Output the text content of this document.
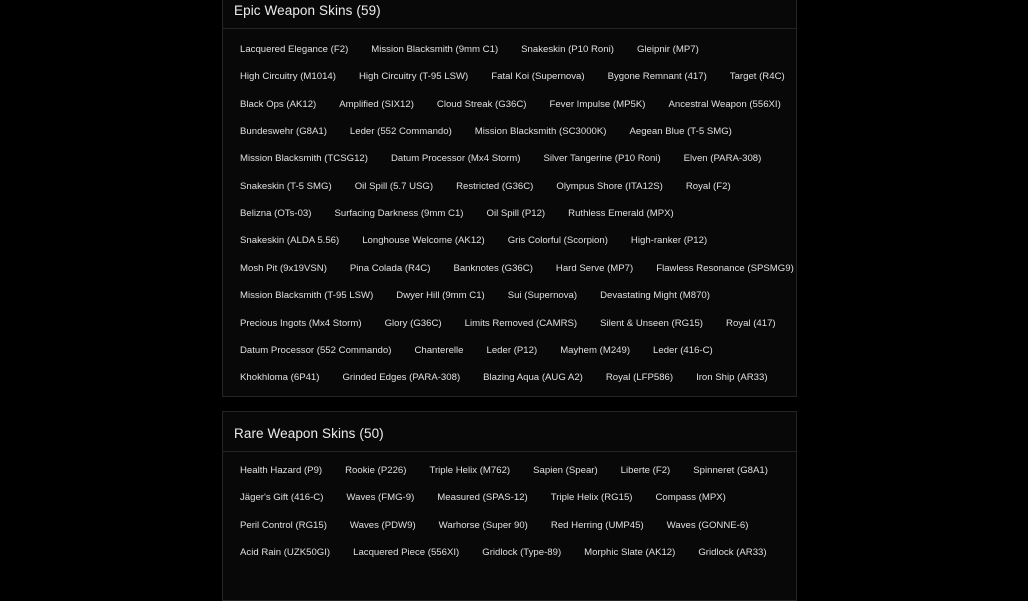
Epic Weapon Skins (59)
Lacquered Elegance (F2) Mission Blacksmith (9mm C1) Snakeskin (P10 Roni) Gleipnir (MP7)
High Circuitry (M1014) High Circuitry (T-95 LSW) Fatal Koi (Supernova) Bygone Remnant (417) Target (R4C)
Black Ops (AK12) Amplified (SIX12) Cloud Streak (G36C) Fever Impulse (MP5K) Ancestral Weapon (556XI)
Bundeswehr (G8A1) Leder (552 Commando) Mission Blacksmith (SC3000K) Aegean Blue (T-5 SMG)
Mission Blacksmith (TCSG12) Datum Processor (Mx4 Storm) Silver Tangerine (P10 Roni) Elven (PARA-308)
Snakeskin (T-5 SMG) Oil Spill (5.7 USG) Restricted (G36C) Olympus Shore (ITA12S) Royal (F2)
Belizna (OTs-03) Surfacing Darkness (9mm C1) Oil Spill (P12) Ruthless Emerald (MPX)
Snakeskin (ALDA 5.56) Longhouse Welcome (AK12) Gris Colorful (Scorpion) High-ranker (P12)
Mosh Pit (9x19VSN) Pina Colada (R4C) Banknotes (G36C) Hard Serve (MP7) Flawless Resonance (SPSMG9)
Mission Blacksmith (T-95 LSW) Dwyer Hill (9mm C1) Sui (Supernova) Devastating Might (M870)
Precious Ingots (Mx4 Storm) Glory (G36C) Limits Removed (CAMRS) Silent & Unseen (RG15) Royal (417)
Datum Processor (552 Commando) Chanterelle Leder (P12) Mayhem (M249) Leder (416-C)
Khokhloma (6P41) Grinded Edges (PARA-308) Blazing Aqua (AUG A2) Royal (LFP586) Iron Ship (AR33)
Rare Weapon Skins (50)
Health Hazard (P9) Rookie (P226) Triple Helix (M762) Sapien (Spear) Liberte (F2) Spinneret (G8A1)
Jäger's Gift (416-C) Waves (FMG-9) Measured (SPAS-12) Triple Helix (RG15) Compass (MPX)
Peril Control (RG15) Waves (PDW9) Warhorse (Super 90) Red Herring (UMP45) Waves (GONNE-6)
Acid Rain (UZK50GI) Lacquered Piece (556XI) Gridlock (Type-89) Morphic Slate (AK12) Gridlock (AR33)
